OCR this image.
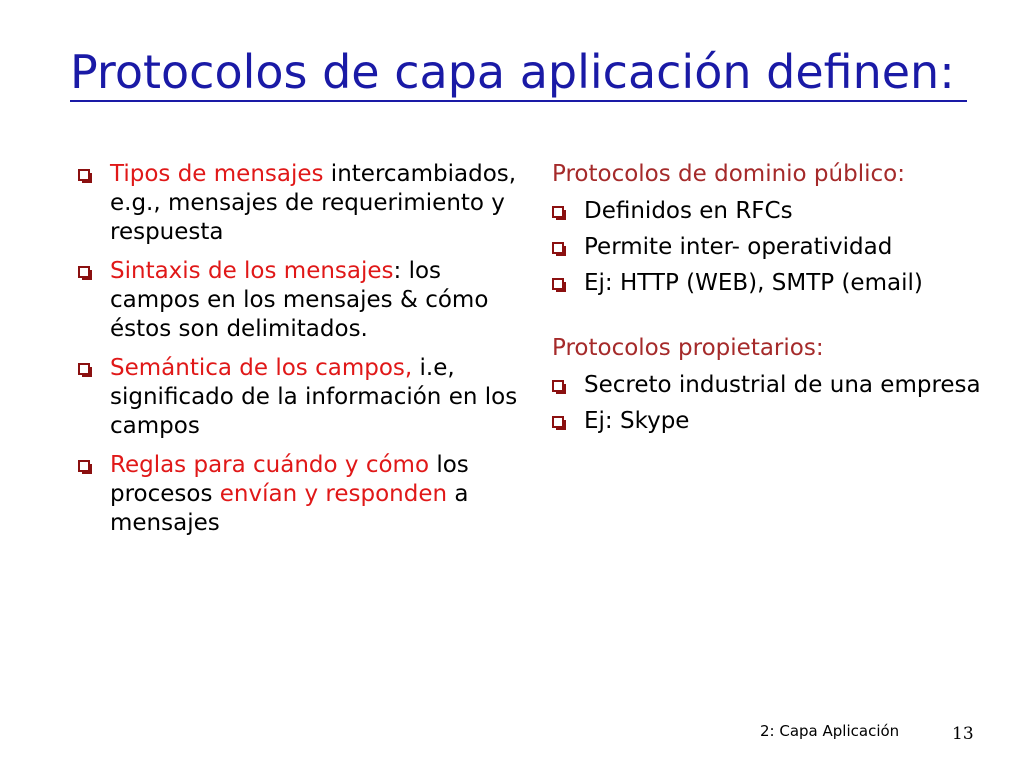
Protocolos de capa aplicación definen:
Tipos de mensajes intercambiados, e.g., mensajes de requerimiento y respuesta
Sintaxis de los mensajes: los campos en los mensajes & cómo éstos son delimitados.
Semántica de los campos, i.e, significado de la información en los campos
Reglas para cuándo y cómo los procesos envían y responden a mensajes
Protocolos de dominio público:
Definidos en RFCs
Permite inter- operatividad
Ej: HTTP (WEB), SMTP (email)
Protocolos propietarios:
Secreto industrial de una empresa
Ej: Skype
2: Capa Aplicación	13
